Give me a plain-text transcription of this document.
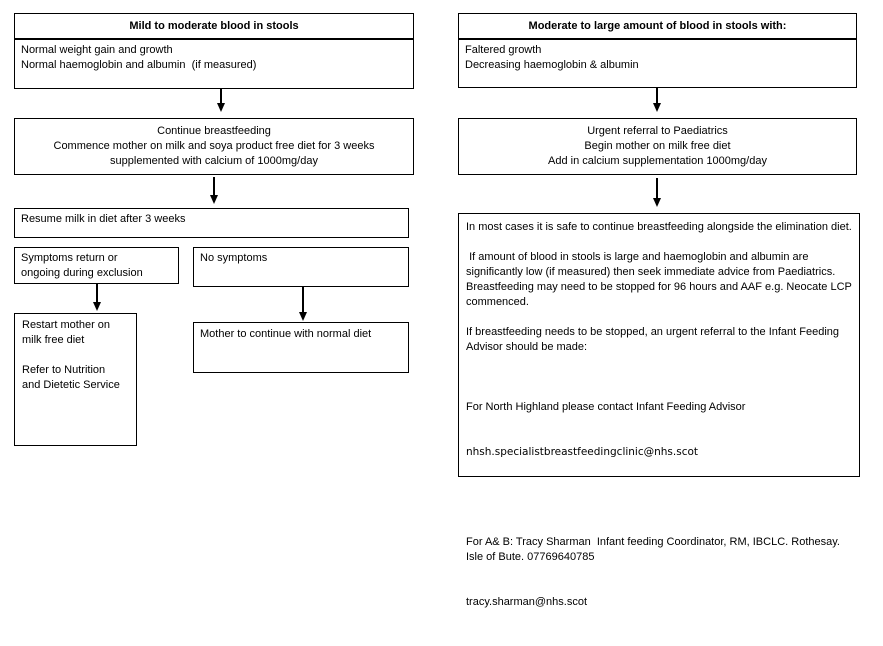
Mild to moderate blood in stools
Normal weight gain and growth
Normal haemoglobin and albumin  (if measured)
Continue breastfeeding
Commence mother on milk and soya product free diet for 3 weeks
supplemented with calcium of 1000mg/day
Resume milk in diet after 3 weeks
Symptoms return or
ongoing during exclusion
No symptoms
Restart mother on milk free diet
Refer to Nutrition and Dietetic Service
Mother to continue with normal diet
Moderate to large amount of blood in stools with:
Faltered growth
Decreasing haemoglobin & albumin
Urgent referral to Paediatrics
Begin mother on milk free diet
Add in calcium supplementation 1000mg/day
In most cases it is safe to continue breastfeeding alongside the elimination diet.
If amount of blood in stools is large and haemoglobin and albumin are significantly low (if measured) then seek immediate advice from Paediatrics. Breastfeeding may need to be stopped for 96 hours and AAF e.g. Neocate LCP commenced.
If breastfeeding needs to be stopped, an urgent referral to the Infant Feeding Advisor should be made:

For North Highland please contact Infant Feeding Advisor

nhsh.specialistbreastfeedingclinic@nhs.scot

For A& B: Tracy Sharman  Infant feeding Coordinator, RM, IBCLC. Rothesay. Isle of Bute. 07769640785

tracy.sharman@nhs.scot
